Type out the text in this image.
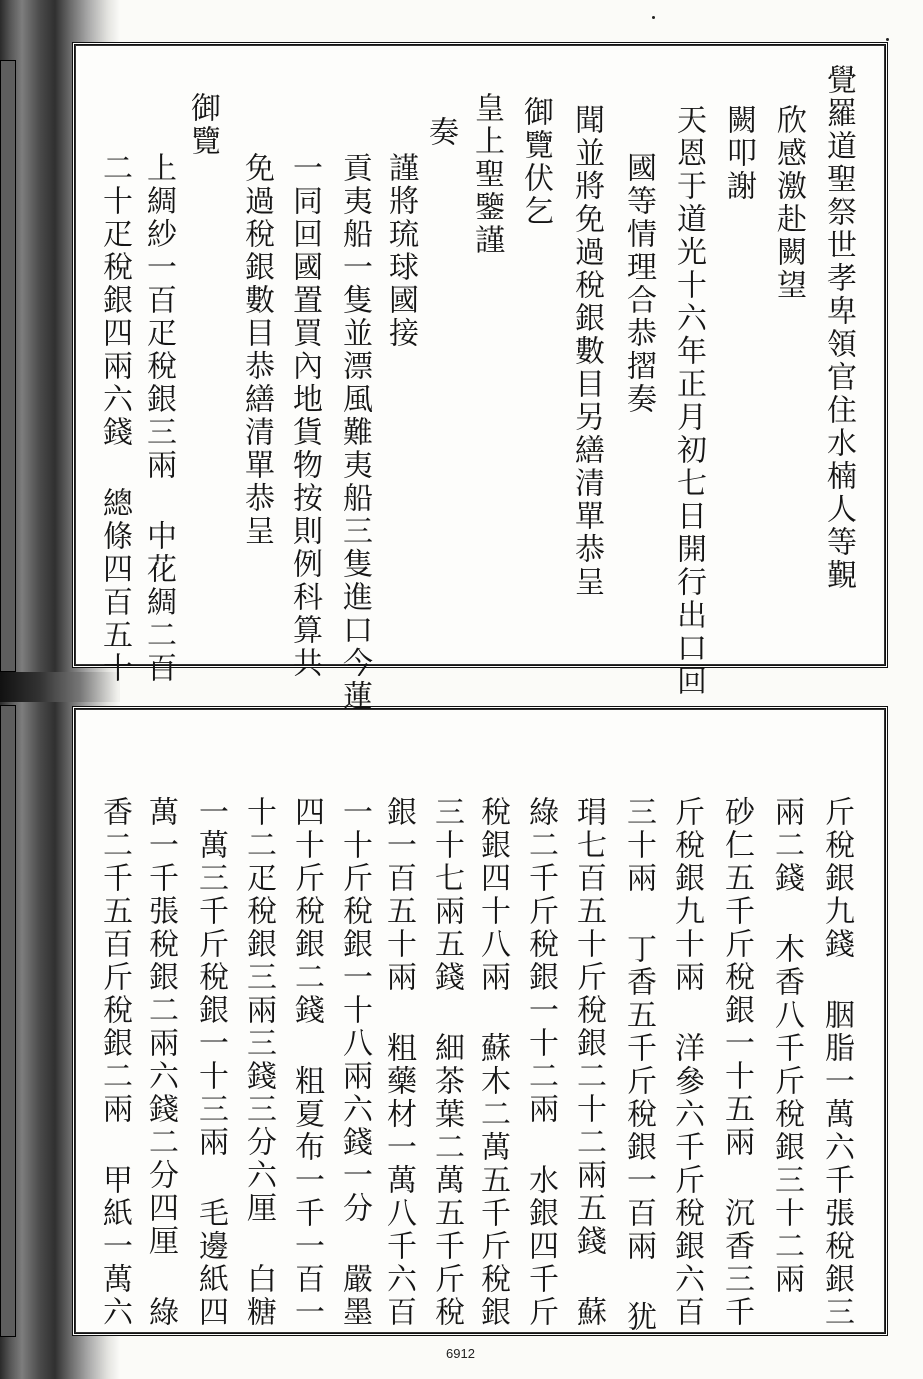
覺羅道聖祭世孝卑領官住水楠人等覲
欣感激赴闕望
闕叩謝
天恩于道光十六年正月初七日開行出口回
國等情理合恭摺奏
聞並將免過稅銀數目另繕清單恭呈
御覽伏乞
皇上聖鑒謹
奏
謹將琉球國接
貢夷船一隻並漂風難夷船三隻進口今蓮
一同回國置買內地貨物按則例科算共
免過稅銀數目恭繕清單恭呈
御覽
上綢紗一百疋稅銀三兩 中花綢二百
二十疋稅銀四兩六錢 總條四百五十
斤稅銀九錢 胭脂一萬六千張稅銀三
兩二錢 木香八千斤稅銀三十二兩
砂仁五千斤稅銀一十五兩 沉香三千
斤稅銀九十兩 洋參六千斤稅銀六百
三十兩 丁香五千斤稅銀一百兩 犹
琄七百五十斤稅銀二十二兩五錢 蘇
綠二千斤稅銀一十二兩 水銀四千斤
稅銀四十八兩 蘇木二萬五千斤稅銀
三十七兩五錢 細茶葉二萬五千斤稅
銀一百五十兩 粗藥材一萬八千六百
一十斤稅銀一十八兩六錢一分 嚴墨
四十斤稅銀二錢 粗夏布一千一百一
十二疋稅銀三兩三錢三分六厘 白糖
一萬三千斤稅銀一十三兩 毛邊紙四
萬一千張稅銀二兩六錢二分四厘 綠
香二千五百斤稅銀二兩 甲紙一萬六
6912
